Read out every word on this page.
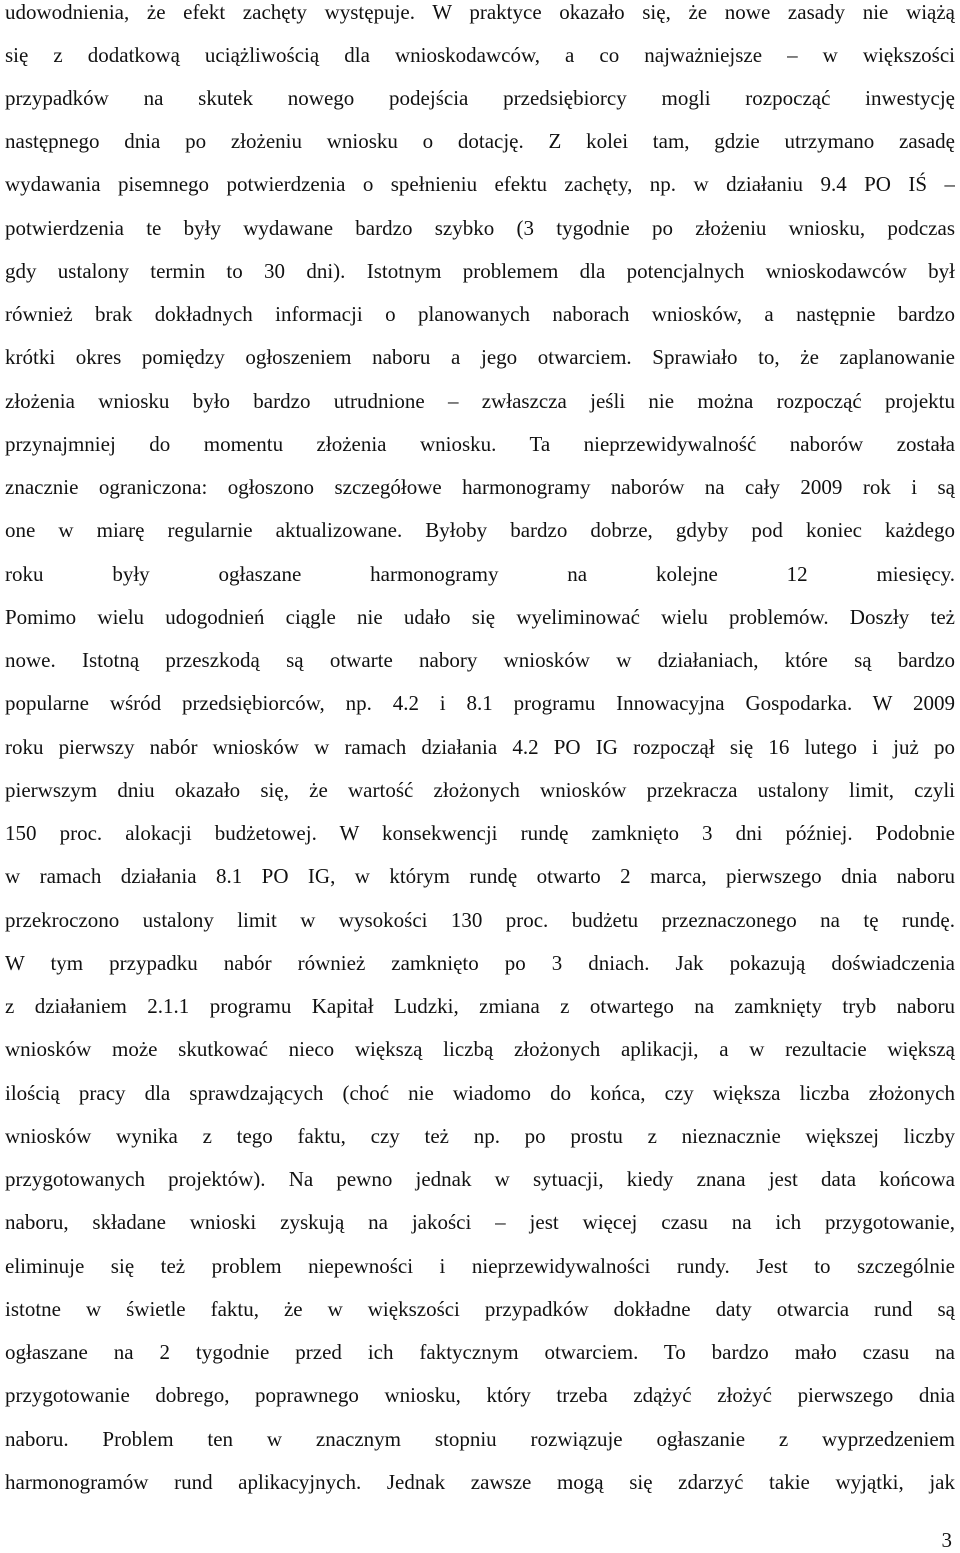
udowodnienia, że efekt zachęty występuje. W praktyce okazało się, że nowe zasady nie wiążą
się z dodatkową uciążliwością dla wnioskodawców, a co najważniejsze – w większości
przypadków na skutek nowego podejścia przedsiębiorcy mogli rozpocząć inwestycję
następnego dnia po złożeniu wniosku o dotację. Z kolei tam, gdzie utrzymano zasadę
wydawania pisemnego potwierdzenia o spełnieniu efektu zachęty, np. w działaniu 9.4 PO IŚ –
potwierdzenia te były wydawane bardzo szybko (3 tygodnie po złożeniu wniosku, podczas
gdy ustalony termin to 30 dni). Istotnym problemem dla potencjalnych wnioskodawców był
również brak dokładnych informacji o planowanych naborach wniosków, a następnie bardzo
krótki okres pomiędzy ogłoszeniem naboru a jego otwarciem. Sprawiało to, że zaplanowanie
złożenia wniosku było bardzo utrudnione – zwłaszcza jeśli nie można rozpocząć projektu
przynajmniej do momentu złożenia wniosku. Ta nieprzewidywalność naborów została
znacznie ograniczona: ogłoszono szczegółowe harmonogramy naborów na cały 2009 rok i są
one w miarę regularnie aktualizowane. Byłoby bardzo dobrze, gdyby pod koniec każdego
roku były ogłaszane harmonogramy na kolejne 12 miesięcy.
Pomimo wielu udogodnień ciągle nie udało się wyeliminować wielu problemów. Doszły też
nowe. Istotną przeszkodą są otwarte nabory wniosków w działaniach, które są bardzo
popularne wśród przedsiębiorców, np. 4.2 i 8.1 programu Innowacyjna Gospodarka. W 2009
roku pierwszy nabór wniosków w ramach działania 4.2 PO IG rozpoczął się 16 lutego i już po
pierwszym dniu okazało się, że wartość złożonych wniosków przekracza ustalony limit, czyli
150 proc. alokacji budżetowej. W konsekwencji rundę zamknięto 3 dni później. Podobnie
w ramach działania 8.1 PO IG, w którym rundę otwarto 2 marca, pierwszego dnia naboru
przekroczono ustalony limit w wysokości 130 proc. budżetu przeznaczonego na tę rundę.
W tym przypadku nabór również zamknięto po 3 dniach. Jak pokazują doświadczenia
z działaniem 2.1.1 programu Kapitał Ludzki, zmiana z otwartego na zamknięty tryb naboru
wniosków może skutkować nieco większą liczbą złożonych aplikacji, a w rezultacie większą
ilością pracy dla sprawdzających (choć nie wiadomo do końca, czy większa liczba złożonych
wniosków wynika z tego faktu, czy też np. po prostu z nieznacznie większej liczby
przygotowanych projektów). Na pewno jednak w sytuacji, kiedy znana jest data końcowa
naboru, składane wnioski zyskują na jakości – jest więcej czasu na ich przygotowanie,
eliminuje się też problem niepewności i nieprzewidywalności rundy. Jest to szczególnie
istotne w świetle faktu, że w większości przypadków dokładne daty otwarcia rund są
ogłaszane na 2 tygodnie przed ich faktycznym otwarciem. To bardzo mało czasu na
przygotowanie dobrego, poprawnego wniosku, który trzeba zdążyć złożyć pierwszego dnia
naboru. Problem ten w znacznym stopniu rozwiązuje ogłaszanie z wyprzedzeniem
harmonogramów rund aplikacyjnych. Jednak zawsze mogą się zdarzyć takie wyjątki, jak
3
